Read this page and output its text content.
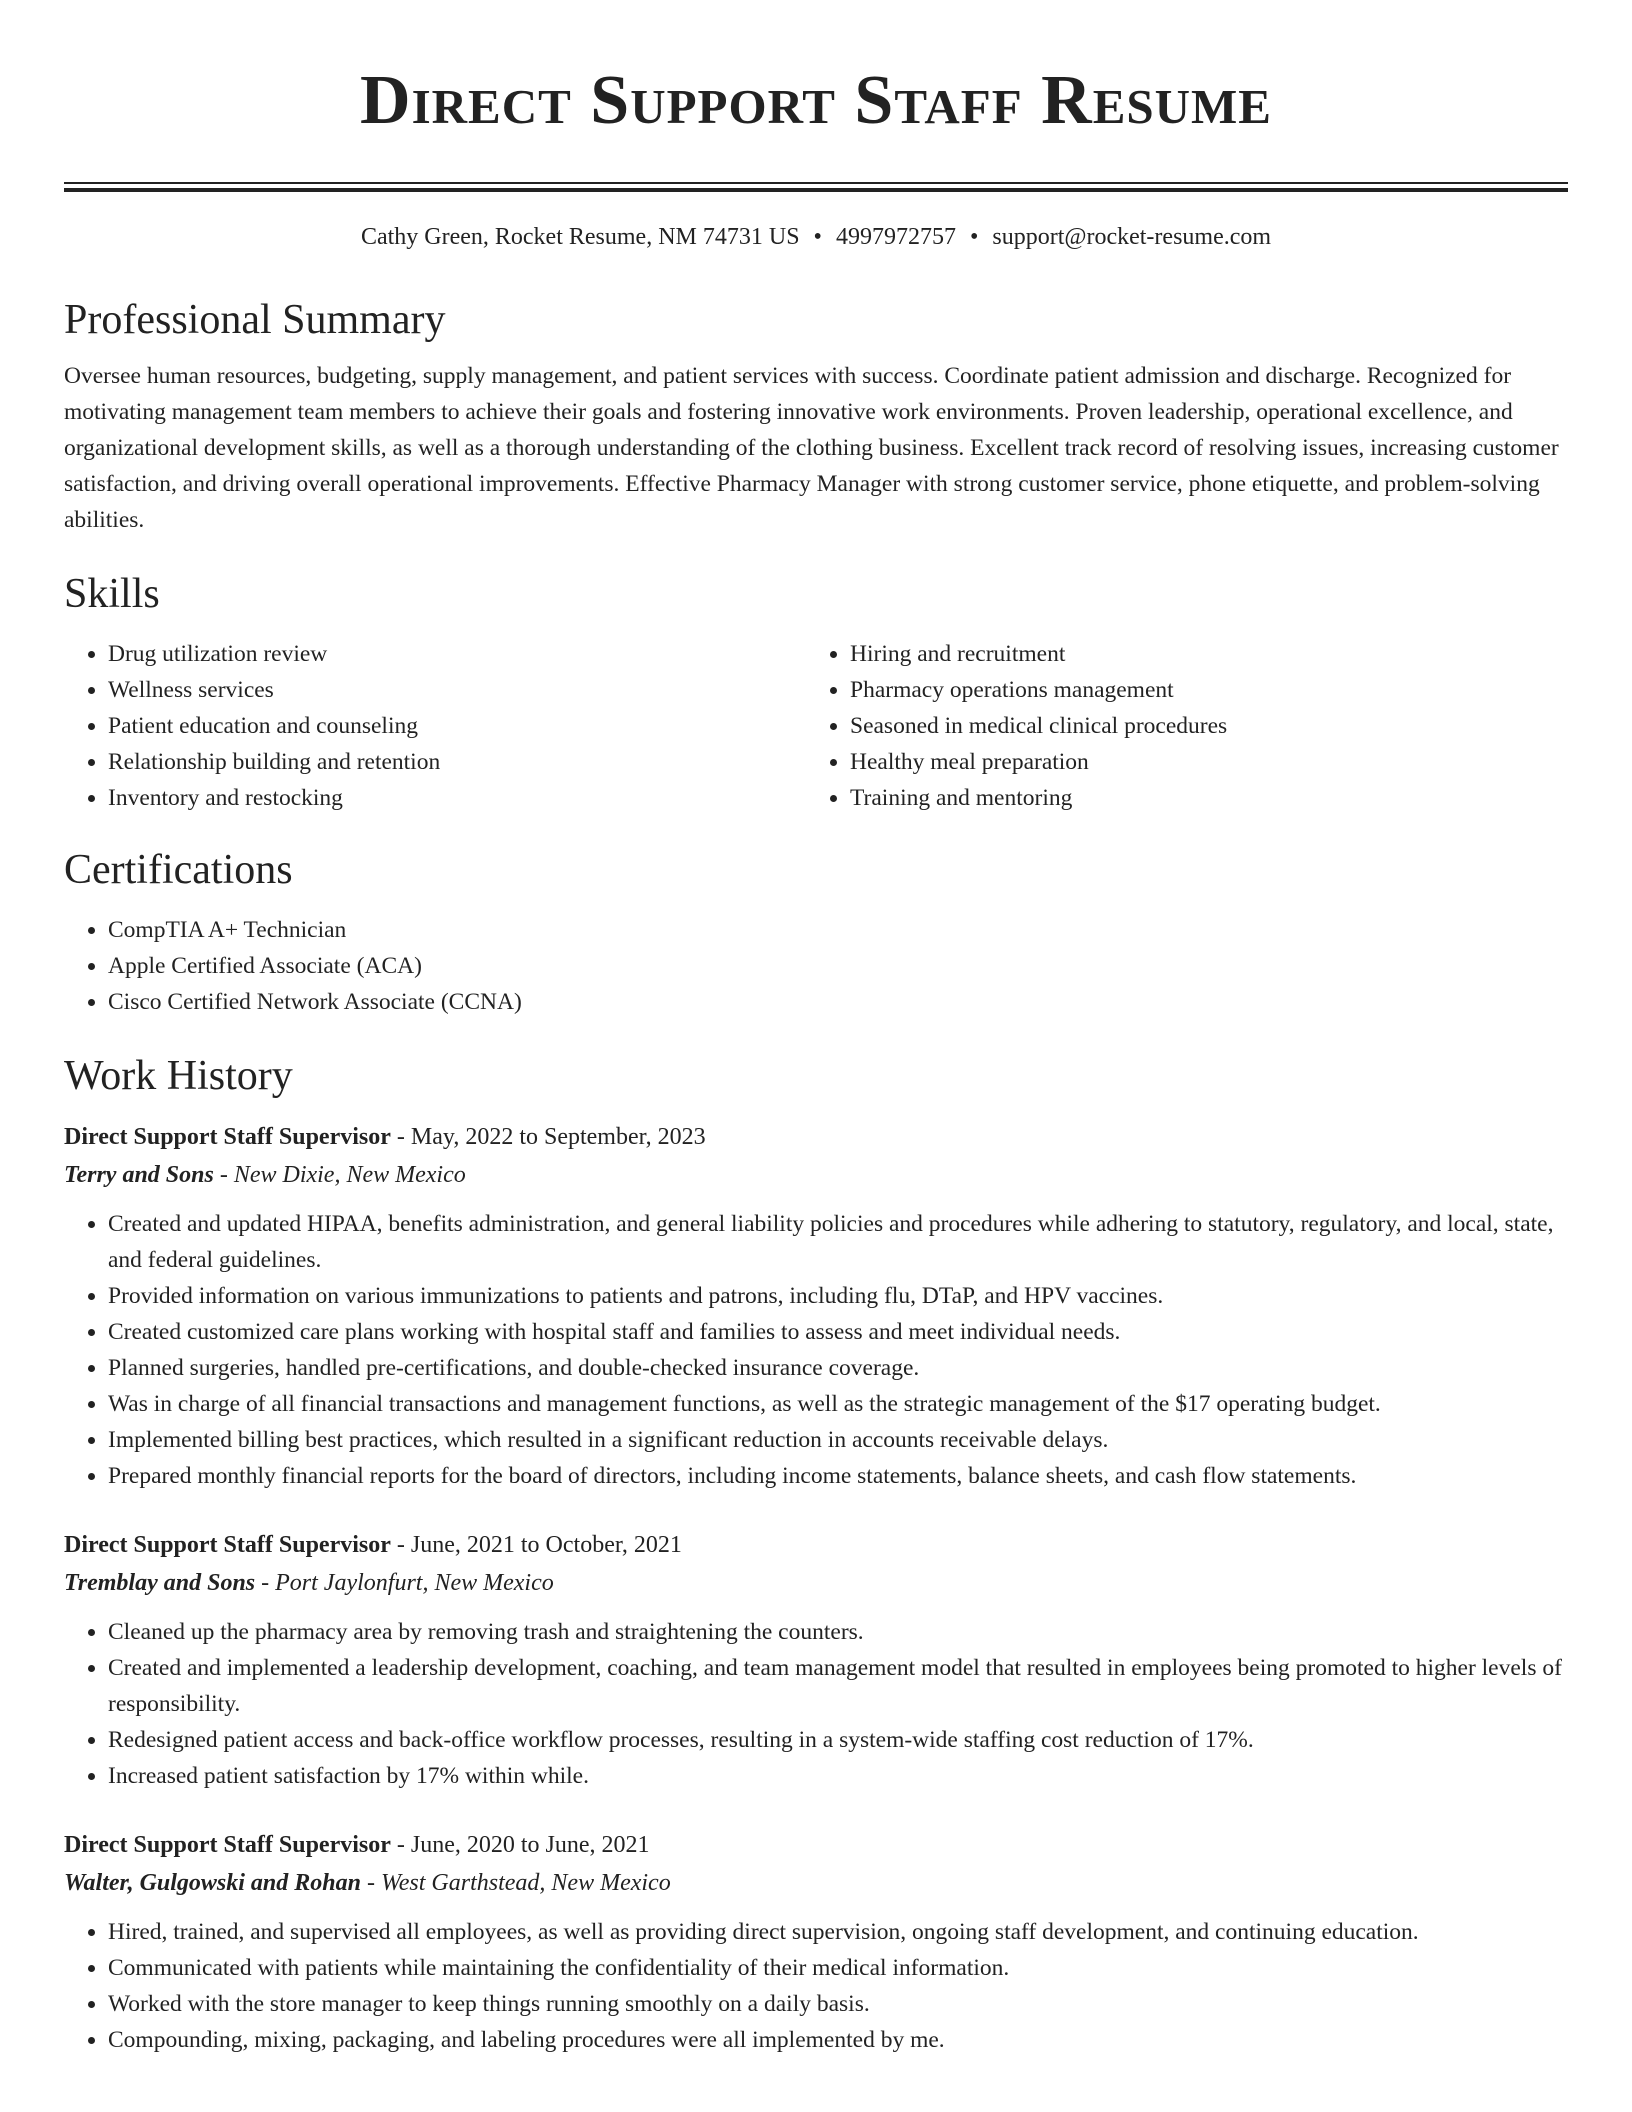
Direct Support Staff Resume
Cathy Green, Rocket Resume, NM 74731 US • 4997972757 • support@rocket-resume.com
Professional Summary
Oversee human resources, budgeting, supply management, and patient services with success. Coordinate patient admission and discharge. Recognized for motivating management team members to achieve their goals and fostering innovative work environments. Proven leadership, operational excellence, and organizational development skills, as well as a thorough understanding of the clothing business. Excellent track record of resolving issues, increasing customer satisfaction, and driving overall operational improvements. Effective Pharmacy Manager with strong customer service, phone etiquette, and problem-solving abilities.
Skills
• Drug utilization review
• Wellness services
• Patient education and counseling
• Relationship building and retention
• Inventory and restocking
• Hiring and recruitment
• Pharmacy operations management
• Seasoned in medical clinical procedures
• Healthy meal preparation
• Training and mentoring
Certifications
• CompTIA A+ Technician
• Apple Certified Associate (ACA)
• Cisco Certified Network Associate (CCNA)
Work History
Direct Support Staff Supervisor - May, 2022 to September, 2023
Terry and Sons - New Dixie, New Mexico
• Created and updated HIPAA, benefits administration, and general liability policies and procedures while adhering to statutory, regulatory, and local, state, and federal guidelines.
• Provided information on various immunizations to patients and patrons, including flu, DTaP, and HPV vaccines.
• Created customized care plans working with hospital staff and families to assess and meet individual needs.
• Planned surgeries, handled pre-certifications, and double-checked insurance coverage.
• Was in charge of all financial transactions and management functions, as well as the strategic management of the $17 operating budget.
• Implemented billing best practices, which resulted in a significant reduction in accounts receivable delays.
• Prepared monthly financial reports for the board of directors, including income statements, balance sheets, and cash flow statements.
Direct Support Staff Supervisor - June, 2021 to October, 2021
Tremblay and Sons - Port Jaylonfurt, New Mexico
• Cleaned up the pharmacy area by removing trash and straightening the counters.
• Created and implemented a leadership development, coaching, and team management model that resulted in employees being promoted to higher levels of responsibility.
• Redesigned patient access and back-office workflow processes, resulting in a system-wide staffing cost reduction of 17%.
• Increased patient satisfaction by 17% within while.
Direct Support Staff Supervisor - June, 2020 to June, 2021
Walter, Gulgowski and Rohan - West Garthstead, New Mexico
• Hired, trained, and supervised all employees, as well as providing direct supervision, ongoing staff development, and continuing education.
• Communicated with patients while maintaining the confidentiality of their medical information.
• Worked with the store manager to keep things running smoothly on a daily basis.
• Compounding, mixing, packaging, and labeling procedures were all implemented by me.
